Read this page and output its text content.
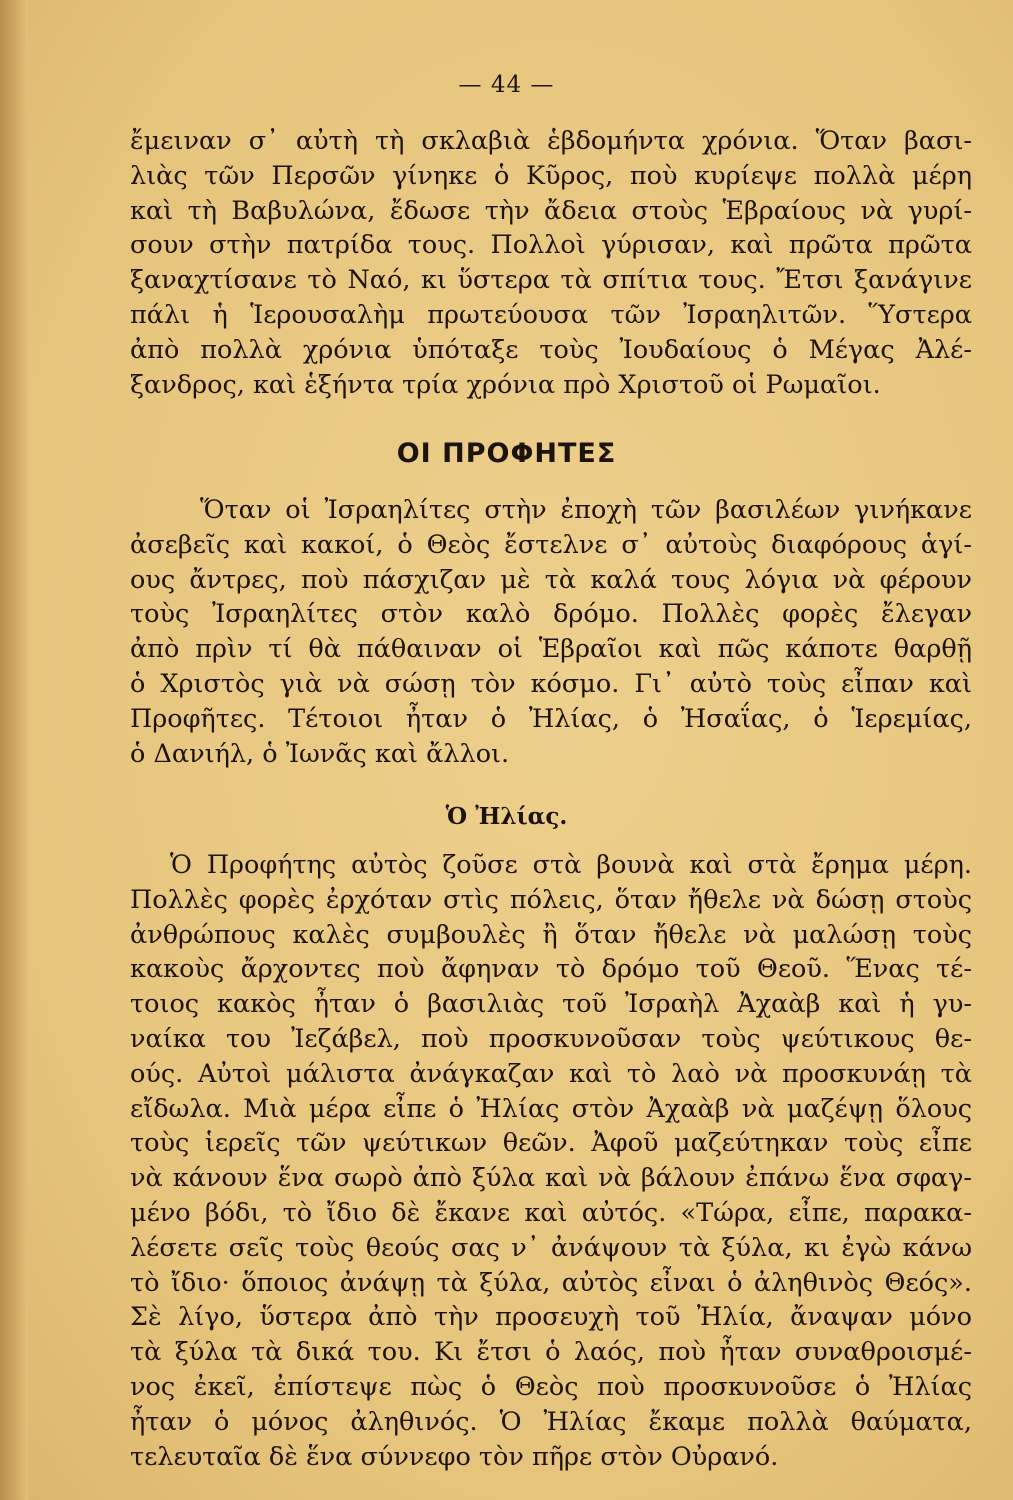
— 44 —
ἔμειναν σ᾽ αὐτὴ τὴ σκλαβιὰ ἑβδομήντα χρόνια. Ὅταν βασι-
λιὰς τῶν Περσῶν γίνηκε ὁ Κῦρος, ποὺ κυρίεψε πολλὰ μέρη
καὶ τὴ Βαβυλώνα, ἔδωσε τὴν ἄδεια στοὺς Ἑβραίους νὰ γυρί-
σουν στὴν πατρίδα τους. Πολλοὶ γύρισαν, καὶ πρῶτα πρῶτα
ξαναχτίσανε τὸ Ναό, κι ὕστερα τὰ σπίτια τους. Ἔτσι ξανάγινε
πάλι ἡ Ἱερουσαλὴμ πρωτεύουσα τῶν Ἰσραηλιτῶν. Ὕστερα
ἀπὸ πολλὰ χρόνια ὑπόταξε τοὺς Ἰουδαίους ὁ Μέγας Ἀλέ-
ξανδρος, καὶ ἑξήντα τρία χρόνια πρὸ Χριστοῦ οἱ Ρωμαῖοι.
ΟΙ ΠΡΟΦΗΤΕΣ
Ὅταν οἱ Ἰσραηλίτες στὴν ἐποχὴ τῶν βασιλέων γινήκανε
ἀσεβεῖς καὶ κακοί, ὁ Θεὸς ἔστελνε σ᾽ αὐτοὺς διαφόρους ἁγί-
ους ἄντρες, ποὺ πάσχιζαν μὲ τὰ καλά τους λόγια νὰ φέρουν
τοὺς Ἰσραηλίτες στὸν καλὸ δρόμο. Πολλὲς φορὲς ἔλεγαν
ἀπὸ πρὶν τί θὰ πάθαιναν οἱ Ἑβραῖοι καὶ πῶς κάποτε θαρθῇ
ὁ Χριστὸς γιὰ νὰ σώσῃ τὸν κόσμο. Γι᾽ αὐτὸ τοὺς εἶπαν καὶ
Προφῆτες. Τέτοιοι ἦταν ὁ Ἠλίας, ὁ Ἠσαΐας, ὁ Ἱερεμίας,
ὁ Δανιήλ, ὁ Ἰωνᾶς καὶ ἄλλοι.
Ὁ Ἠλίας.
Ὁ Προφήτης αὐτὸς ζοῦσε στὰ βουνὰ καὶ στὰ ἔρημα μέρη.
Πολλὲς φορὲς ἐρχόταν στὶς πόλεις, ὅταν ἤθελε νὰ δώσῃ στοὺς
ἀνθρώπους καλὲς συμβουλὲς ἢ ὅταν ἤθελε νὰ μαλώσῃ τοὺς
κακοὺς ἄρχοντες ποὺ ἄφηναν τὸ δρόμο τοῦ Θεοῦ. Ἕνας τέ-
τοιος κακὸς ἦταν ὁ βασιλιὰς τοῦ Ἰσραὴλ Ἀχαὰβ καὶ ἡ γυ-
ναίκα του Ἰεζάβελ, ποὺ προσκυνοῦσαν τοὺς ψεύτικους θε-
ούς. Αὐτοὶ μάλιστα ἀνάγκαζαν καὶ τὸ λαὸ νὰ προσκυνάῃ τὰ
εἴδωλα. Μιὰ μέρα εἶπε ὁ Ἠλίας στὸν Ἀχαὰβ νὰ μαζέψῃ ὅλους
τοὺς ἱερεῖς τῶν ψεύτικων θεῶν. Ἀφοῦ μαζεύτηκαν τοὺς εἶπε
νὰ κάνουν ἕνα σωρὸ ἀπὸ ξύλα καὶ νὰ βάλουν ἐπάνω ἕνα σφαγ-
μένο βόδι, τὸ ἴδιο δὲ ἔκανε καὶ αὐτός. «Τώρα, εἶπε, παρακα-
λέσετε σεῖς τοὺς θεούς σας ν᾽ ἀνάψουν τὰ ξύλα, κι ἐγὼ κάνω
τὸ ἴδιο· ὅποιος ἀνάψῃ τὰ ξύλα, αὐτὸς εἶναι ὁ ἀληθινὸς Θεός».
Σὲ λίγο, ὕστερα ἀπὸ τὴν προσευχὴ τοῦ Ἠλία, ἄναψαν μόνο
τὰ ξύλα τὰ δικά του. Κι ἔτσι ὁ λαός, ποὺ ἦταν συναθροισμέ-
νος ἐκεῖ, ἐπίστεψε πὼς ὁ Θεὸς ποὺ προσκυνοῦσε ὁ Ἠλίας
ἦταν ὁ μόνος ἀληθινός. Ὁ Ἠλίας ἔκαμε πολλὰ θαύματα,
τελευταῖα δὲ ἕνα σύννεφο τὸν πῆρε στὸν Οὐρανό.
